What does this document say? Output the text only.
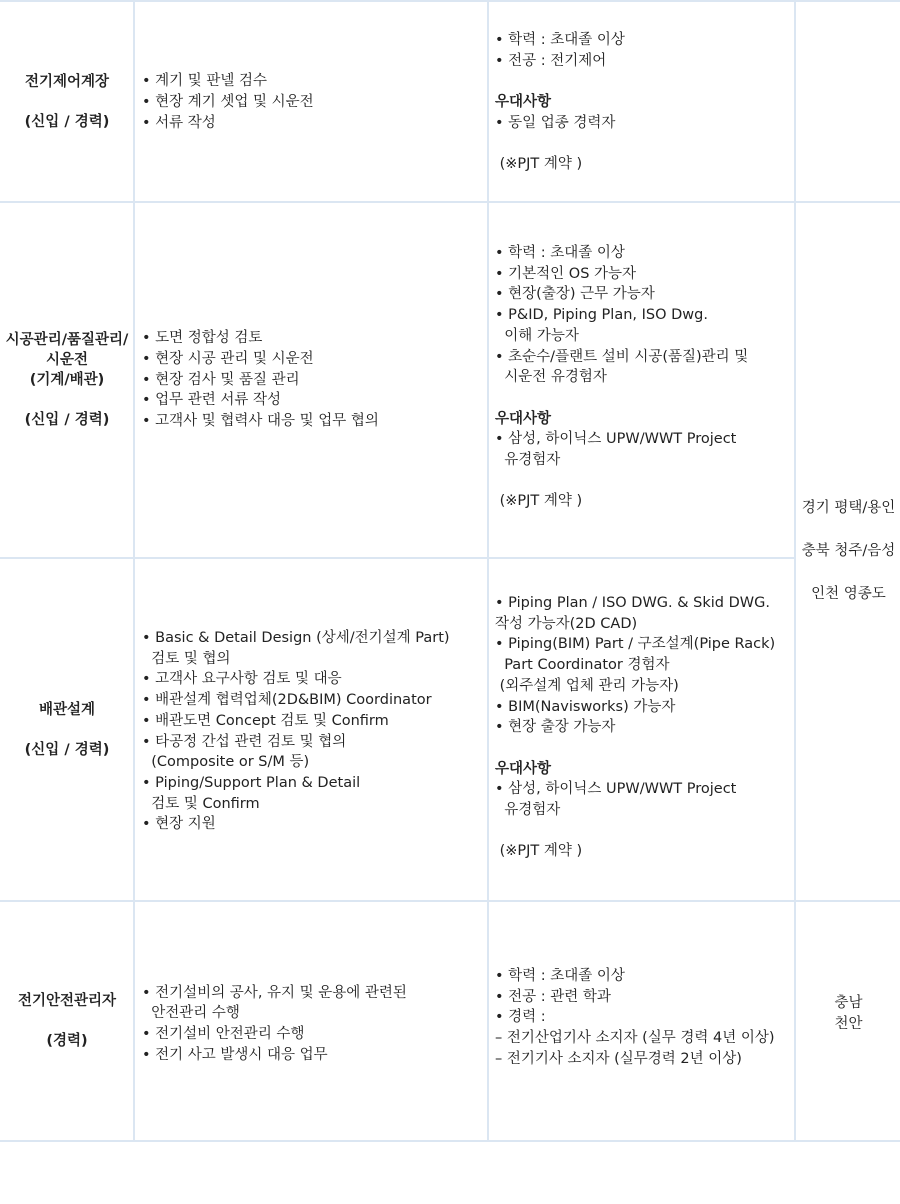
전기제어계장
(신입 / 경력)
• 계기 및 판넬 검수
• 현장 계기 셋업 및 시운전
• 서류 작성
• 학력 : 초대졸 이상
• 전공 : 전기제어
우대사항
• 동일 업종 경력자
(※PJT 계약 )
시공관리/품질관리/
시운전
(기계/배관)
(신입 / 경력)
• 도면 정합성 검토
• 현장 시공 관리 및 시운전
• 현장 검사 및 품질 관리
• 업무 관련 서류 작성
• 고객사 및 협력사 대응 및 업무 협의
• 학력 : 초대졸 이상
• 기본적인 OS 가능자
• 현장(출장) 근무 가능자
• P&ID, Piping Plan, ISO Dwg.
이해 가능자
• 초순수/플랜트 설비 시공(품질)관리 및
시운전 유경험자
우대사항
• 삼성, 하이닉스 UPW/WWT Project
유경험자
(※PJT 계약 )
배관설계
(신입 / 경력)
• Basic & Detail Design (상세/전기설계 Part)
검토 및 협의
• 고객사 요구사항 검토 및 대응
• 배관설계 협력업체(2D&BIM) Coordinator
• 배관도면 Concept 검토 및 Confirm
• 타공정 간섭 관련 검토 및 협의
(Composite or S/M 등)
• Piping/Support Plan & Detail
검토 및 Confirm
• 현장 지원
• Piping Plan / ISO DWG. & Skid DWG.
작성 가능자(2D CAD)
• Piping(BIM) Part / 구조설계(Pipe Rack)
Part Coordinator 경험자
(외주설계 업체 관리 가능자)
• BIM(Navisworks) 가능자
• 현장 출장 가능자
우대사항
• 삼성, 하이닉스 UPW/WWT Project
유경험자
(※PJT 계약 )
경기 평택/용인
충북 청주/음성
인천 영종도
전기안전관리자
(경력)
• 전기설비의 공사, 유지 및 운용에 관련된
안전관리 수행
• 전기설비 안전관리 수행
• 전기 사고 발생시 대응 업무
• 학력 : 초대졸 이상
• 전공 : 관련 학과
• 경력 :
– 전기산업기사 소지자 (실무 경력 4년 이상)
– 전기기사 소지자 (실무경력 2년 이상)
충남
천안
